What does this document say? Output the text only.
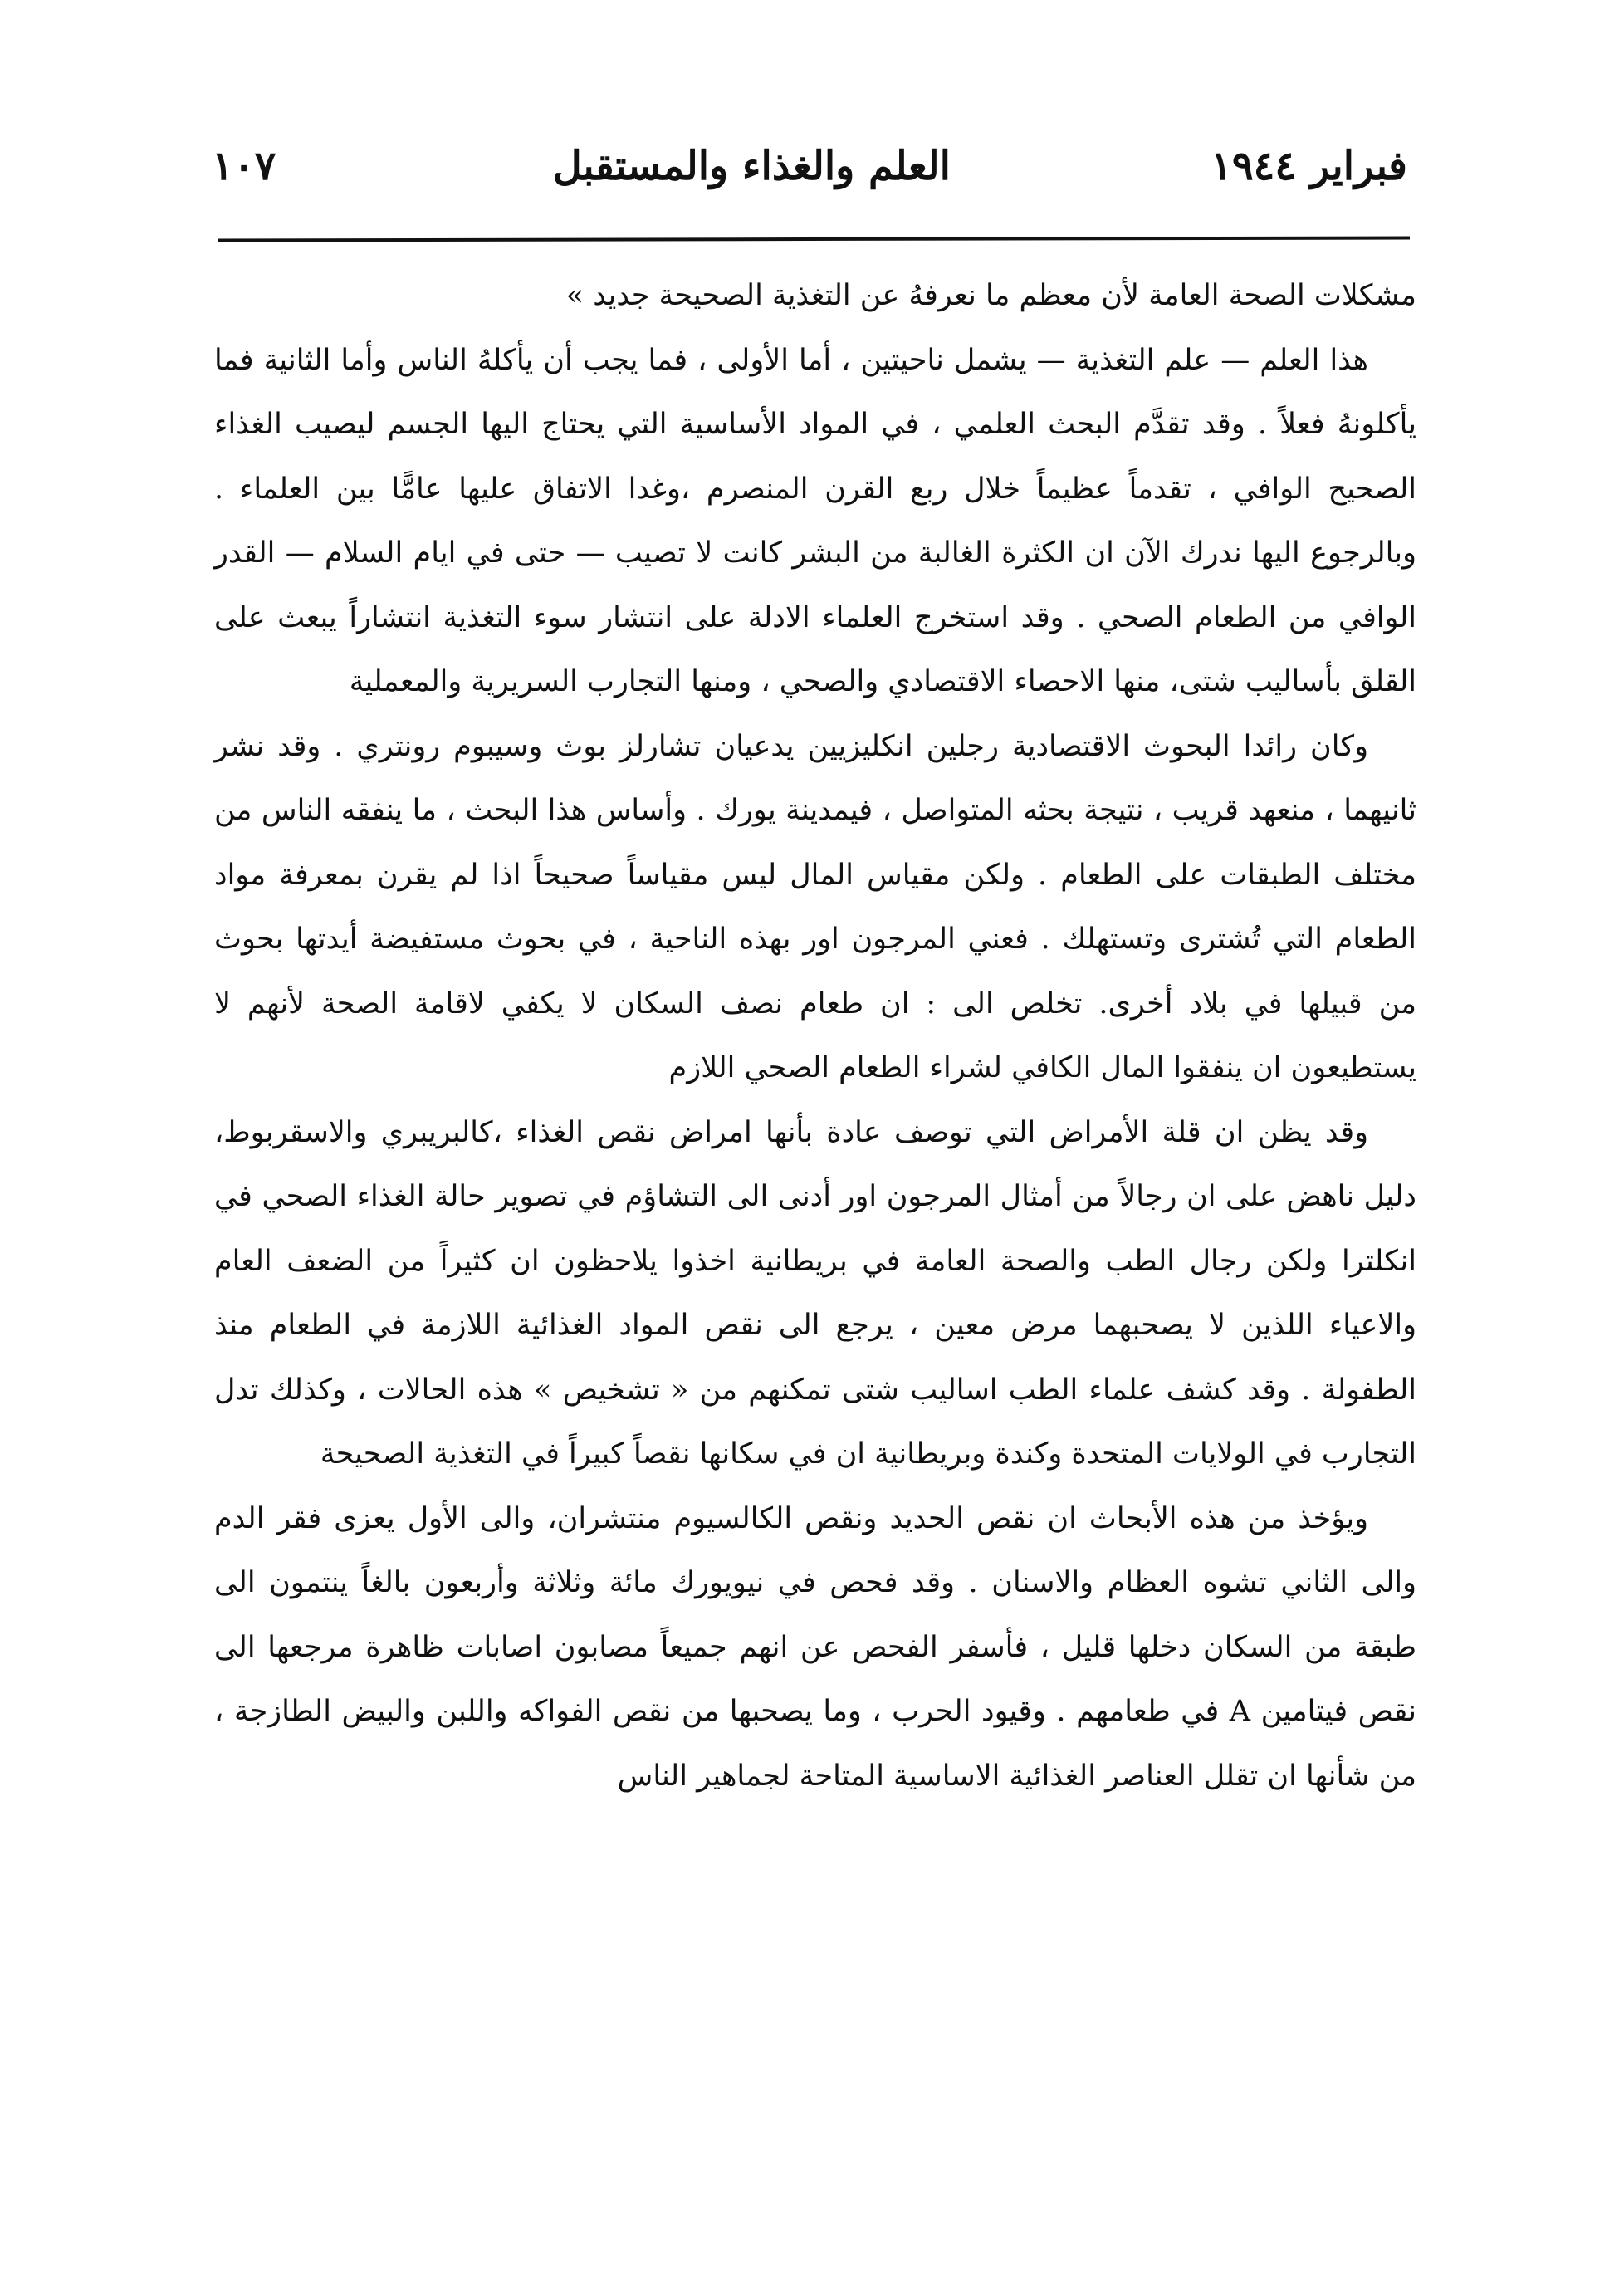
فبراير ١٩٤٤
العلم والغذاء والمستقبل
١٠٧

مشكلات الصحة العامة لأن معظم ما نعرفهُ عن التغذية الصحيحة جديد »

هذا العلم — علم التغذية — يشمل ناحيتين ، أما الأولى ، فما يجب أن يأكلهُ الناس وأما الثانية فما يأكلونهُ فعلاً . وقد تقدَّم البحث العلمي ، في المواد الأساسية التي يحتاج اليها الجسم ليصيب الغذاء الصحيح الوافي ، تقدماً عظيماً خلال ربع القرن المنصرم ،وغدا الاتفاق عليها عامًّا بين العلماء . وبالرجوع اليها ندرك الآن ان الكثرة الغالبة من البشر كانت لا تصيب — حتى في ايام السلام — القدر الوافي من الطعام الصحي . وقد استخرج العلماء الادلة على انتشار سوء التغذية انتشاراً يبعث على القلق بأساليب شتى، منها الاحصاء الاقتصادي والصحي ، ومنها التجارب السريرية والمعملية

وكان رائدا البحوث الاقتصادية رجلين انكليزيين يدعيان تشارلز بوث وسيبوم رونتري . وقد نشر ثانيهما ، منعهد قريب ، نتيجة بحثه المتواصل ، فيمدينة يورك . وأساس هذا البحث ، ما ينفقه الناس من مختلف الطبقات على الطعام . ولكن مقياس المال ليس مقياساً صحيحاً اذا لم يقرن بمعرفة مواد الطعام التي تُشترى وتستهلك . فعني المرجون اور بهذه الناحية ، في بحوث مستفيضة أيدتها بحوث من قبيلها في بلاد أخرى. تخلص الى : ان طعام نصف السكان لا يكفي لاقامة الصحة لأنهم لا يستطيعون ان ينفقوا المال الكافي لشراء الطعام الصحي اللازم

وقد يظن ان قلة الأمراض التي توصف عادة بأنها امراض نقص الغذاء ،كالبريبري والاسقربوط، دليل ناهض على ان رجالاً من أمثال المرجون اور أدنى الى التشاؤم في تصوير حالة الغذاء الصحي في انكلترا ولكن رجال الطب والصحة العامة في بريطانية اخذوا يلاحظون ان كثيراً من الضعف العام والاعياء اللذين لا يصحبهما مرض معين ، يرجع الى نقص المواد الغذائية اللازمة في الطعام منذ الطفولة . وقد كشف علماء الطب اساليب شتى تمكنهم من « تشخيص » هذه الحالات ، وكذلك تدل التجارب في الولايات المتحدة وكندة وبريطانية ان في سكانها نقصاً كبيراً في التغذية الصحيحة

ويؤخذ من هذه الأبحاث ان نقص الحديد ونقص الكالسيوم منتشران، والى الأول يعزى فقر الدم والى الثاني تشوه العظام والاسنان . وقد فحص في نيويورك مائة وثلاثة وأربعون بالغاً ينتمون الى طبقة من السكان دخلها قليل ، فأسفر الفحص عن انهم جميعاً مصابون اصابات ظاهرة مرجعها الى نقص فيتامين A في طعامهم . وقيود الحرب ، وما يصحبها من نقص الفواكه واللبن والبيض الطازجة ، من شأنها ان تقلل العناصر الغذائية الاساسية المتاحة لجماهير الناس
